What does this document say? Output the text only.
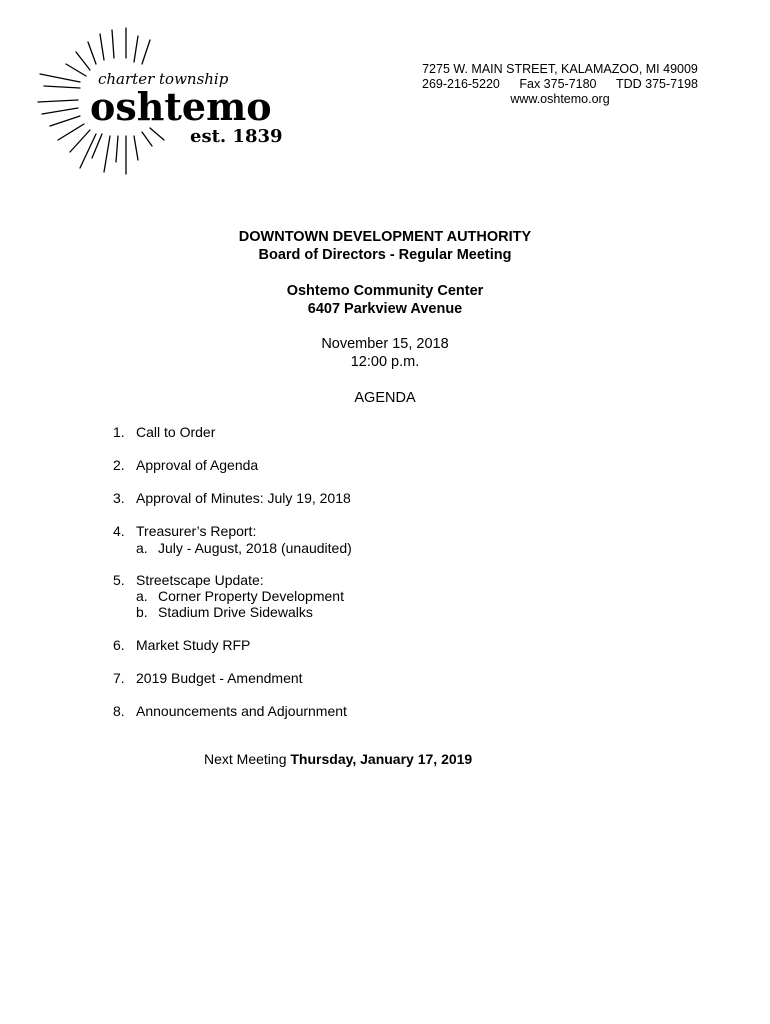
charter township
oshtemo
est. 1839
7275 W. MAIN STREET, KALAMAZOO, MI 49009
269-216-5220 Fax 375-7180 TDD 375-7198
www.oshtemo.org
DOWNTOWN DEVELOPMENT AUTHORITY
Board of Directors - Regular Meeting
Oshtemo Community Center
6407 Parkview Avenue
November 15, 2018
12:00 p.m.
AGENDA
1. Call to Order
2. Approval of Agenda
3. Approval of Minutes: July 19, 2018
4. Treasurer’s Report:
a. July - August, 2018 (unaudited)
5. Streetscape Update:
a. Corner Property Development
b. Stadium Drive Sidewalks
6. Market Study RFP
7. 2019 Budget - Amendment
8. Announcements and Adjournment
Next Meeting Thursday, January 17, 2019
